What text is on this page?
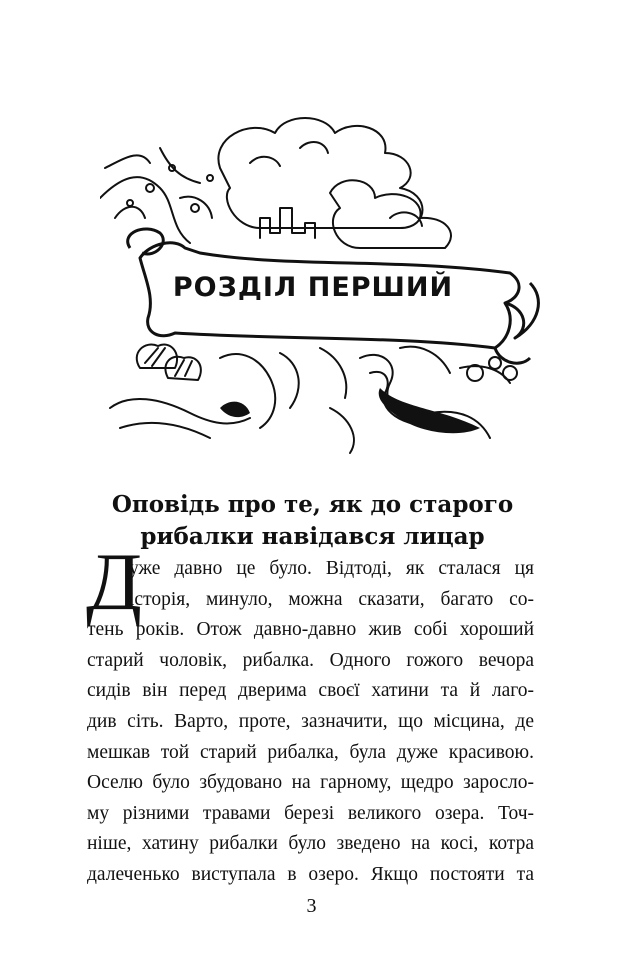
РОЗДІЛ ПЕРШИЙ
Оповідь про те, як до старого
рибалки навідався лицар
Д
уже давно це було. Відтоді, як сталася ця
історія, минуло, можна сказати, багато со-
тень років. Отож давно-давно жив собі хороший
старий чоловік, рибалка. Одного гожого вечора
сидів він перед дверима своєї хатини та й лаго-
див сіть. Варто, проте, зазначити, що місцина, де
мешкав той старий рибалка, була дуже красивою.
Оселю було збудовано на гарному, щедро зарослo-
му різними травами березі великого озера. Точ-
ніше, хатину рибалки було зведено на косі, котра
далеченько виступала в озеро. Якщо постояти та
3
